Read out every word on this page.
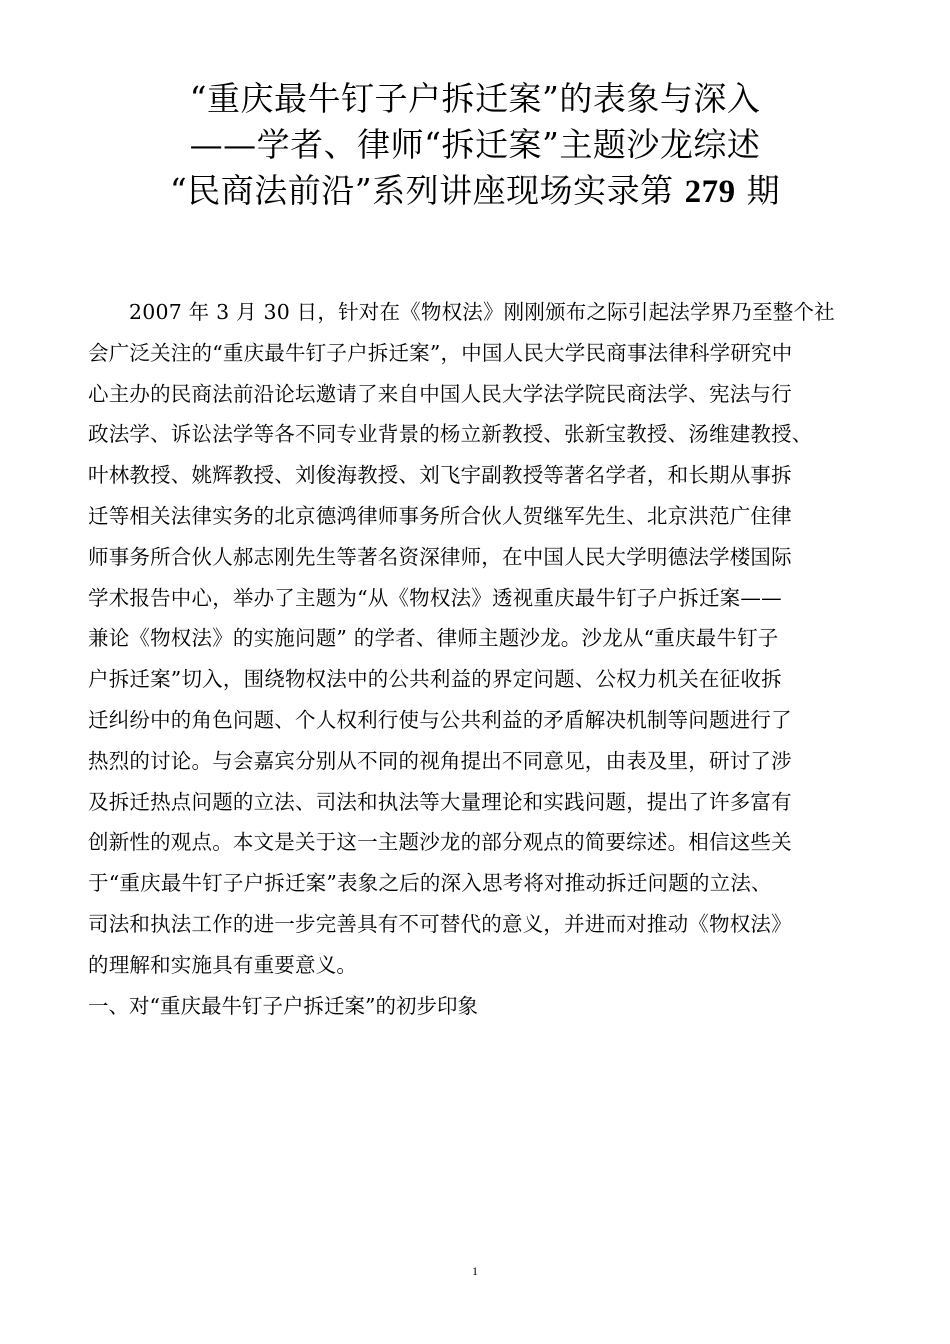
“重庆最牛钉子户拆迁案”的表象与深入
——学者、律师“拆迁案”主题沙龙综述
“民商法前沿”系列讲座现场实录第 279 期

2007 年 3 月 30 日，针对在《物权法》刚刚颁布之际引起法学界乃至整个社
会广泛关注的“重庆最牛钉子户拆迁案”，中国人民大学民商事法律科学研究中
心主办的民商法前沿论坛邀请了来自中国人民大学法学院民商法学、宪法与行
政法学、诉讼法学等各不同专业背景的杨立新教授、张新宝教授、汤维建教授、
叶林教授、姚辉教授、刘俊海教授、刘飞宇副教授等著名学者，和长期从事拆
迁等相关法律实务的北京德鸿律师事务所合伙人贺继军先生、北京洪范广住律
师事务所合伙人郝志刚先生等著名资深律师，在中国人民大学明德法学楼国际
学术报告中心，举办了主题为“从《物权法》透视重庆最牛钉子户拆迁案——
兼论《物权法》的实施问题” 的学者、律师主题沙龙。沙龙从“重庆最牛钉子
户拆迁案”切入，围绕物权法中的公共利益的界定问题、公权力机关在征收拆
迁纠纷中的角色问题、个人权利行使与公共利益的矛盾解决机制等问题进行了
热烈的讨论。与会嘉宾分别从不同的视角提出不同意见，由表及里，研讨了涉
及拆迁热点问题的立法、司法和执法等大量理论和实践问题，提出了许多富有
创新性的观点。本文是关于这一主题沙龙的部分观点的简要综述。相信这些关
于“重庆最牛钉子户拆迁案”表象之后的深入思考将对推动拆迁问题的立法、
司法和执法工作的进一步完善具有不可替代的意义，并进而对推动《物权法》
的理解和实施具有重要意义。

一、对“重庆最牛钉子户拆迁案”的初步印象

1
